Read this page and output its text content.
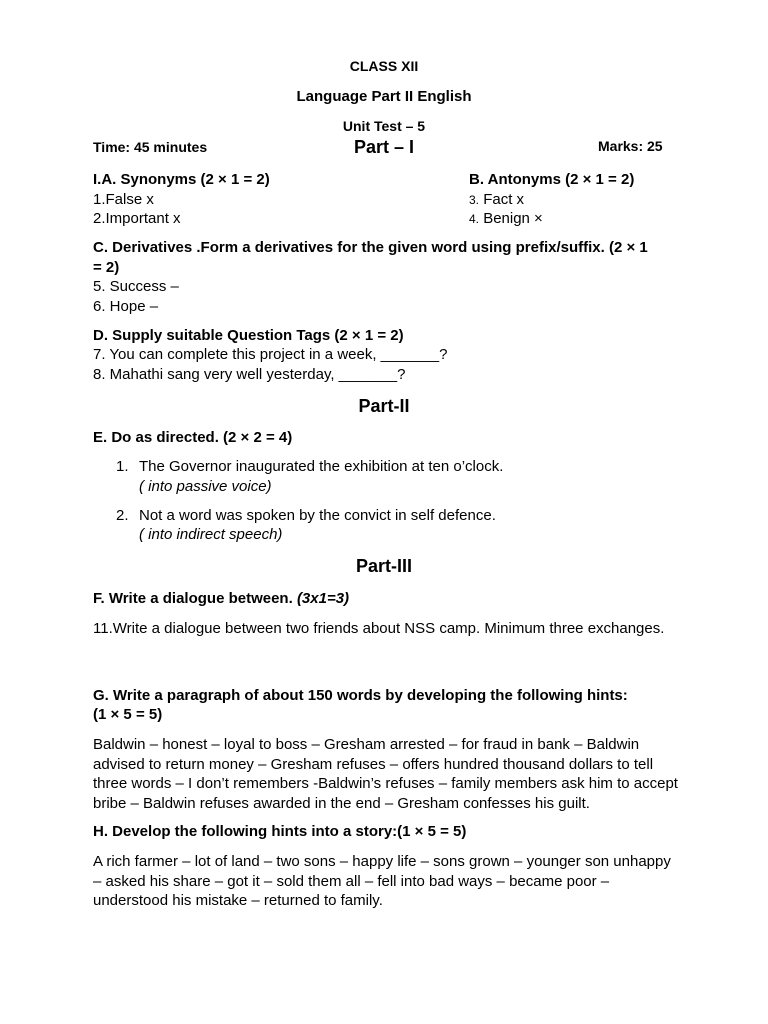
CLASS XII
Language Part II English
Unit Test – 5
Time: 45 minutes	Part – I	Marks: 25
I.A. Synonyms (2 × 1 = 2)
1.False x
2.Important x
B. Antonyms (2 × 1 = 2)
3. Fact x
4. Benign ×
C. Derivatives .Form a derivatives for the given word using prefix/suffix. (2 × 1
= 2)
5. Success –
6. Hope –
D. Supply suitable Question Tags (2 × 1 = 2)
7. You can complete this project in a week, _______?
8. Mahathi sang very well yesterday, _______?
Part-II
E. Do as directed. (2 × 2 = 4)
1. The Governor inaugurated the exhibition at ten o’clock.
( into passive voice)
2. Not a word was spoken by the convict in self defence.
( into indirect speech)
Part-III
F. Write a dialogue between. (3x1=3)
11.Write a dialogue between two friends about NSS camp. Minimum three exchanges.
G. Write a paragraph of about 150 words by developing the following hints:
(1 × 5 = 5)
Baldwin – honest – loyal to boss – Gresham arrested – for fraud in bank – Baldwin advised to return money – Gresham refuses – offers hundred thousand dollars to tell three words – I don’t remembers -Baldwin’s refuses – family members ask him to accept bribe – Baldwin refuses awarded in the end – Gresham confesses his guilt.
H. Develop the following hints into a story:(1 × 5 = 5)
A rich farmer – lot of land – two sons – happy life – sons grown – younger son unhappy – asked his share – got it – sold them all – fell into bad ways – became poor – understood his mistake – returned to family.
